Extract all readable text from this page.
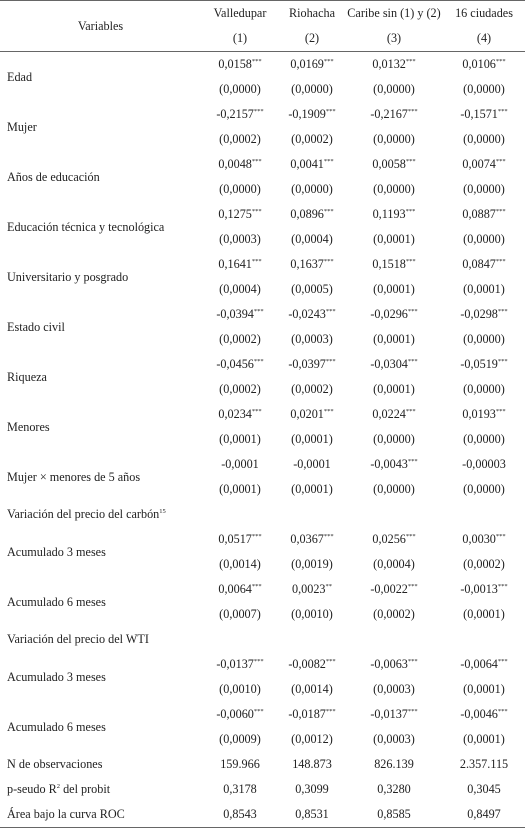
Variables	Valledupar	Riohacha	Caribe sin (1) y (2)	16 ciudades
	(1)	(2)	(3)	(4)
Edad	0,0158***	0,0169***	0,0132***	0,0106***
	(0,0000)	(0,0000)	(0,0000)	(0,0000)
Mujer	-0,2157***	-0,1909***	-0,2167***	-0,1571***
	(0,0002)	(0,0002)	(0,0000)	(0,0000)
Años de educación	0,0048***	0,0041***	0,0058***	0,0074***
	(0,0000)	(0,0000)	(0,0000)	(0,0000)
Educación técnica y tecnológica	0,1275***	0,0896***	0,1193***	0,0887***
	(0,0003)	(0,0004)	(0,0001)	(0,0000)
Universitario y posgrado	0,1641***	0,1637***	0,1518***	0,0847***
	(0,0004)	(0,0005)	(0,0001)	(0,0001)
Estado civil	-0,0394***	-0,0243***	-0,0296***	-0,0298***
	(0,0002)	(0,0003)	(0,0001)	(0,0000)
Riqueza	-0,0456***	-0,0397***	-0,0304***	-0,0519***
	(0,0002)	(0,0002)	(0,0001)	(0,0000)
Menores	0,0234***	0,0201***	0,0224***	0,0193***
	(0,0001)	(0,0001)	(0,0000)	(0,0000)
Mujer × menores de 5 años	-0,0001	-0,0001	-0,0043***	-0,00003
	(0,0001)	(0,0001)	(0,0000)	(0,0000)
Variación del precio del carbón$^{15}$
Acumulado 3 meses	0,0517***	0,0367***	0,0256***	0,0030***
	(0,0014)	(0,0019)	(0,0004)	(0,0002)
Acumulado 6 meses	0,0064***	0,0023**	-0,0022***	-0,0013***
	(0,0007)	(0,0010)	(0,0002)	(0,0001)
Variación del precio del WTI				
Acumulado 3 meses	-0,0137***	-0,0082***	-0,0063***	-0,0064***
	(0,0010)	(0,0014)	(0,0003)	(0,0001)
Acumulado 6 meses	-0,0060***	-0,0187***	-0,0137***	-0,0046***
	(0,0009)	(0,0012)	(0,0003)	(0,0001)
N de observaciones	159.966	148.873	826.139	2.357.115
p-seudo $R^2$ del probit	0,3178	0,3099	0,3280	0,3045
Área bajo la curva ROC	0,8543	0,8531	0,8585	0,8497
